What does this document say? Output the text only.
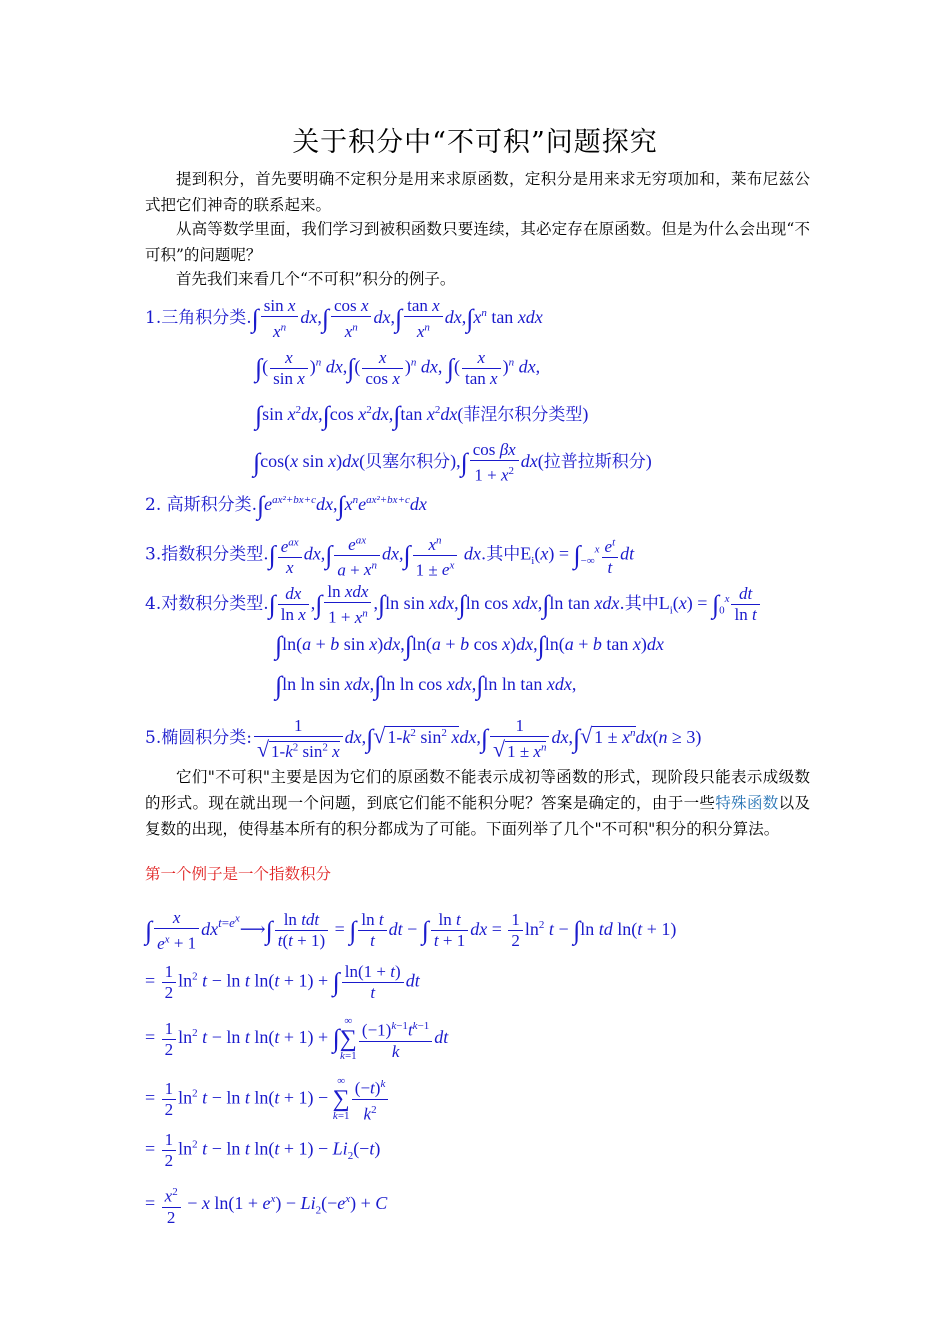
关于积分中“不可积”问题探究
提到积分，首先要明确不定积分是用来求原函数，定积分是用来求无穷项加和，莱布尼兹公式把它们神奇的联系起来。
从高等数学里面，我们学习到被积函数只要连续，其必定存在原函数。但是为什么会出现“不可积”的问题呢？
首先我们来看几个“不可积”积分的例子。
1.三角积分类.∫ $\frac{\text{sin x}}{x^n} dx,\int \frac{\text{cos x}}{x^n} dx,\int \frac{\text{tan x}}{x^n} dx,\int x^n$ tan xdx
∫( $\frac{x}{\text{sin x}} )^n$ $dx,\int( \frac{x}{\text{cos x}} )^n$ dx, ∫( $\frac{x}{\text{tan x}} )^n$ dx,
∫sin $x^2dx,\int\cos$ $x^2dx,\int\tan$ $x^2dx$(菲涅尔积分类型)
∫cos(x sin x)dx(贝塞尔积分),∫ $\frac{\text{cos βx}}{1 + x^2} dx$(拉普拉斯积分)
2. 高斯积分类$.\int e^{ax^2+bx+c}dx,\int x^ne^{ax^2+bx+c}dx$
3.指数积分类型.∫ $\frac{e^{ax}}{x} dx,\int \frac{e^{ax}}{a + x^n} dx,\int \frac{x^n}{1 \pm e^x}$ dx.其中$E_i(x) = \int_{-\infty}^x \frac{e^t}{t}$ dt
4.对数积分类型.∫ $\frac{dx}{\text{ln x}}$ ,∫ $\frac{\text{ln xdx}}{1 + x^n} ,\int\ln$ sin xdx,∫ln cos xdx,∫ln tan xdx.其中$L_i(x) = \int_0^x \frac{dt}{\text{ln t}}$
∫ln(a + b sin x)dx,∫ln(a + b cos x)dx,∫ln(a + b tan x)dx
∫ln ln sin xdx,∫ln ln cos xdx,∫ln ln tan xdx,
5.椭圆积分类: $\frac{1}{√ 1-k^2 \sin^2 x} dx,\int√$ $1-k^2$ $\sin^2 xdx,\int \frac{1}{√ 1 \pm x^n} dx,\int√$ $1 \pm x^ndx(n \ge 3)$
它们"不可积"主要是因为它们的原函数不能表示成初等函数的形式，现阶段只能表示成级数的形式。现在就出现一个问题，到底它们能不能积分呢？答案是确定的，由于一些特殊函数以及复数的出现，使得基本所有的积分都成为了可能。下面列举了几个"不可积"积分的积分算法。
第一个例子是一个指数积分
∫ $\frac{x}{e^x + 1}$ $dx^{t=e^x}⟶\int \frac{\text{ln tdt}}{t(t + 1)}$ = ∫ $\frac{\text{ln t}}{t}$ dt − ∫ $\frac{\text{ln t}}{t + 1}$ dx = $\frac{1}{2} \ln^2 t - \int\ln$ td ln(t + 1)
= $\frac{1}{2} \ln^2 t - \ln t$ ln(t + 1) + ∫ $\frac{\ln(1 + t)}{t}$ dt
= $\frac{1}{2} \ln^2 t - \ln t$ ln(t + 1) + ∫∞
∑
$k=1 \frac{(-1)^{k-1}t^{k-1}}{k}$ dt
= $\frac{1}{2} \ln^2 t - \ln t$ ln(t + 1) − ∞
∑
$k=1 \frac{(-t)^k}{k^2}$
= $\frac{1}{2} \ln^2 t - \ln t$ $\ln(t + 1) - Li_2(-t)$
= $\frac{x^2}{2} - x$ $\ln(1 + e^x) - Li_2(-e^x) + C$
